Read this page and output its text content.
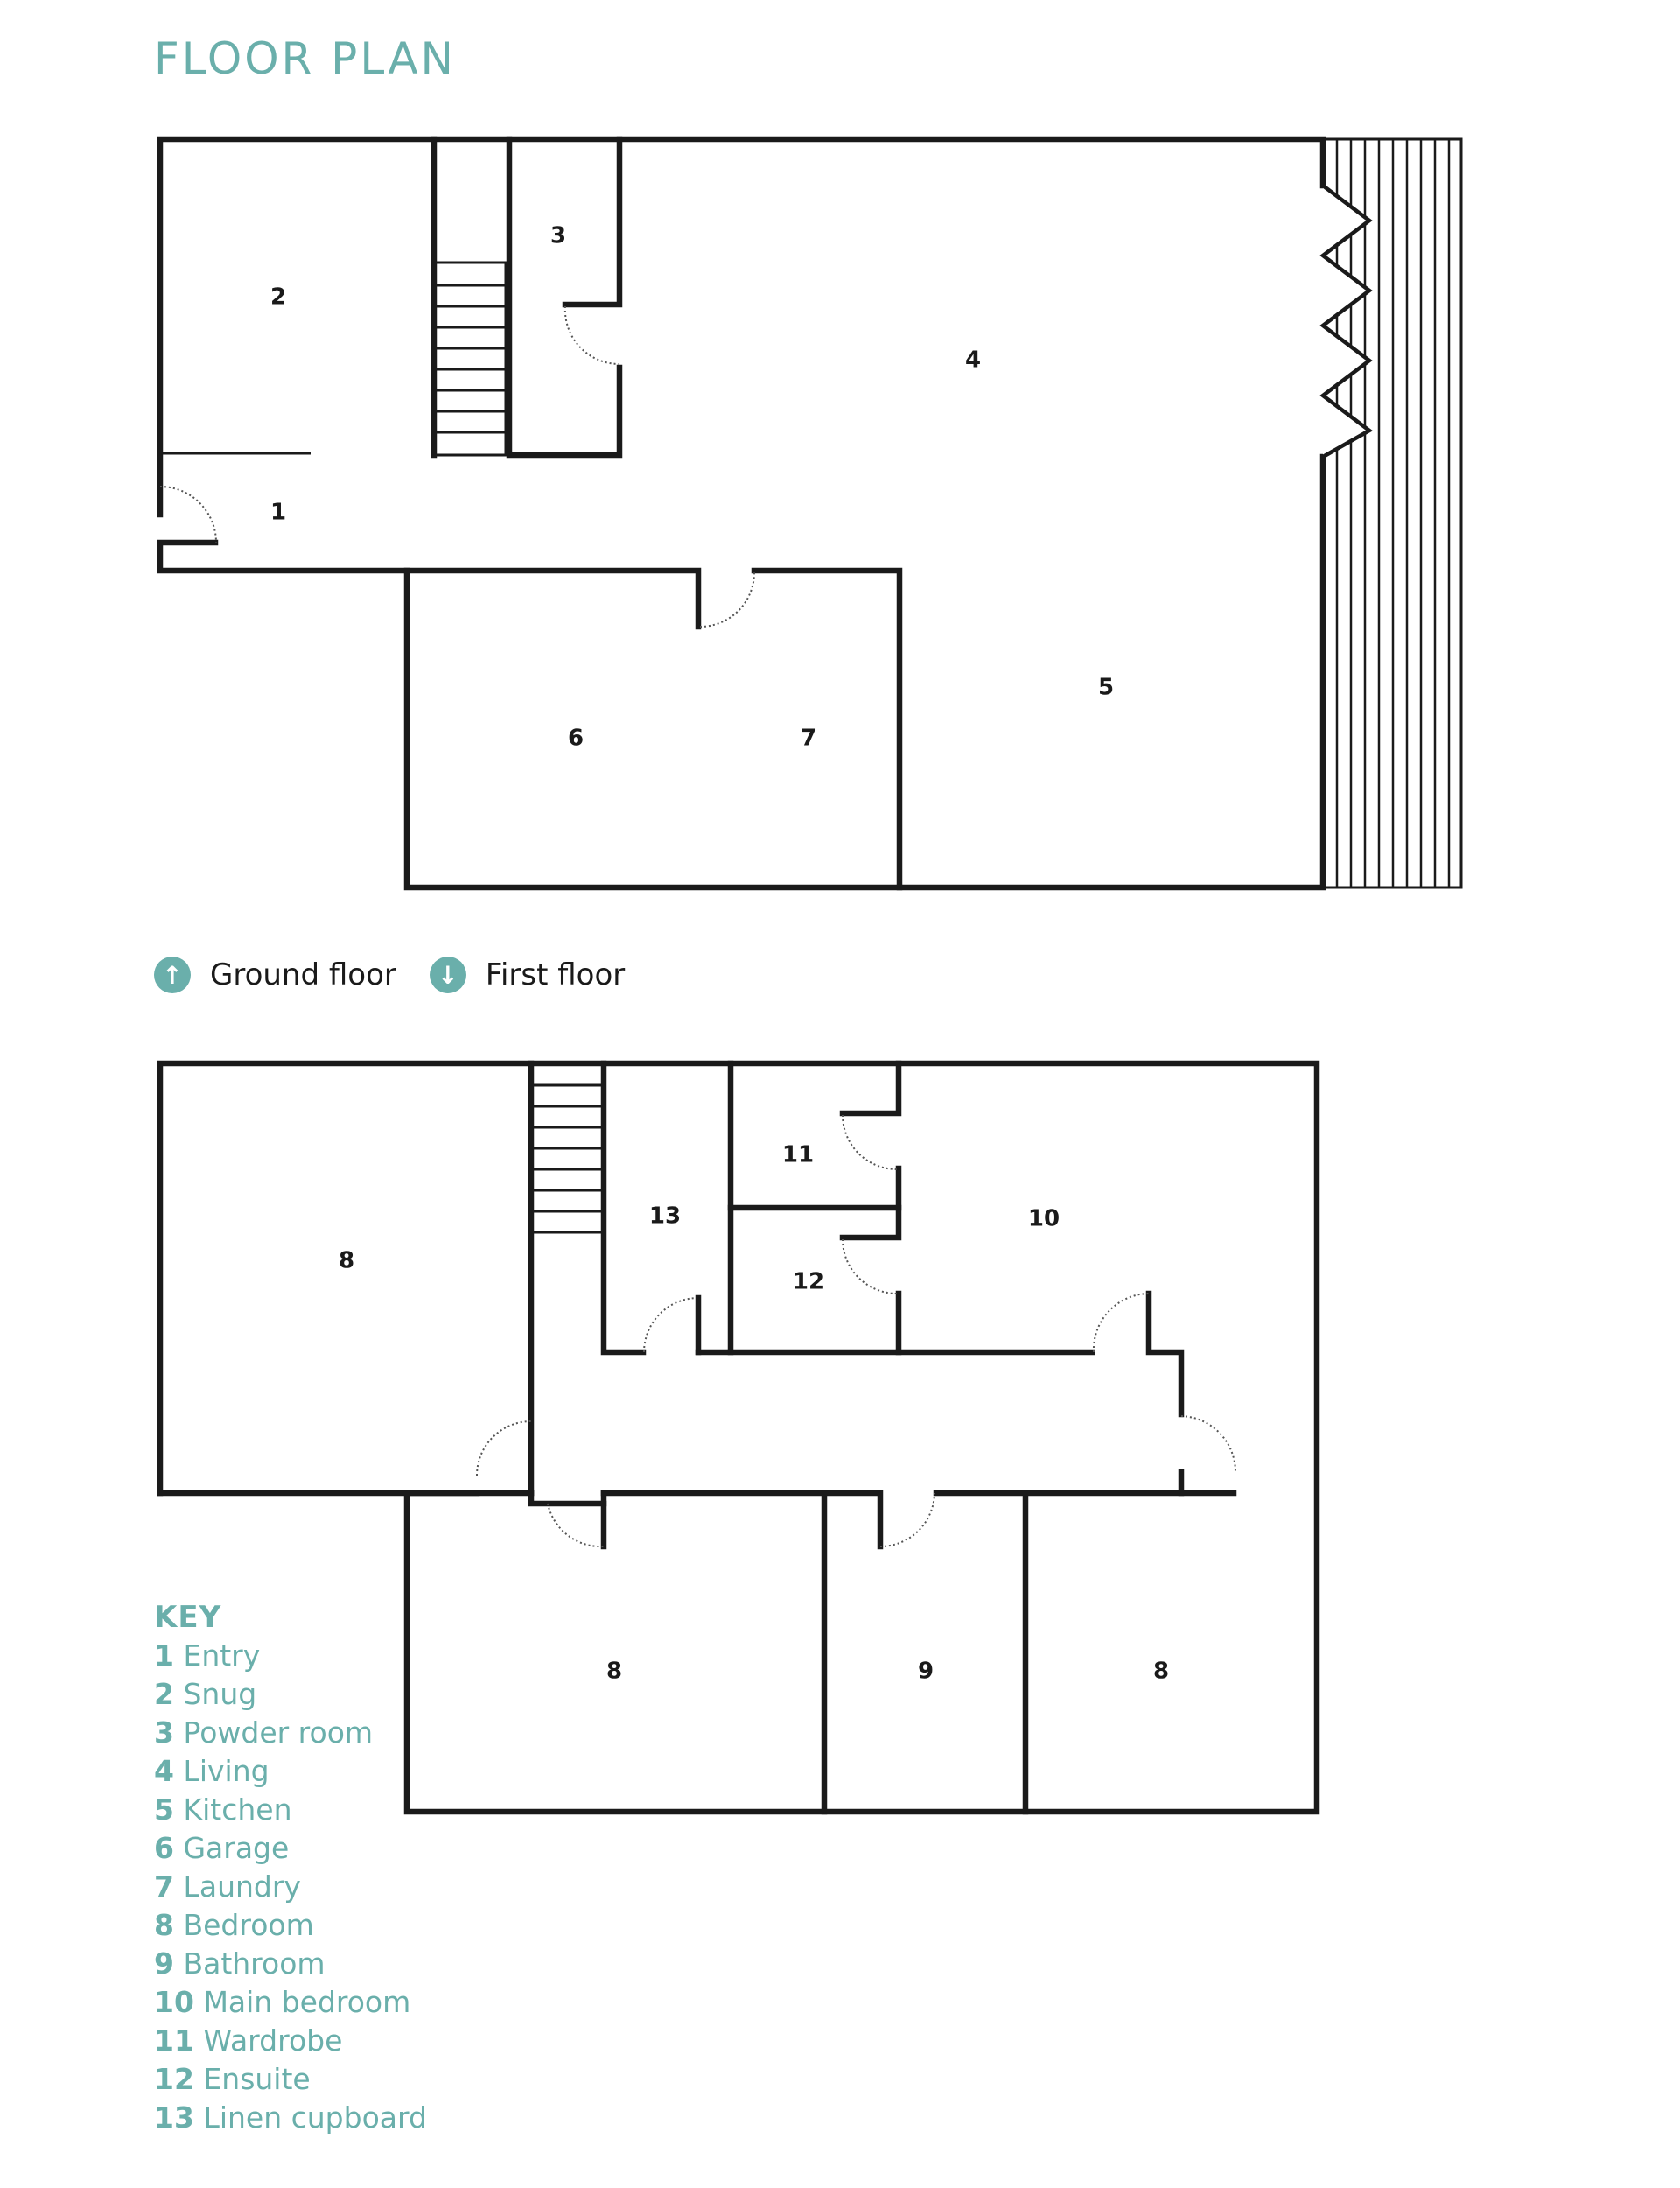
FLOOR PLAN
2
3
4
1
5
6	7
8
13
11
12
10
8	9	8
↑ Ground floor	↓ First floor
KEY
1 Entry
2 Snug
3 Powder room
4 Living
5 Kitchen
6 Garage
7 Laundry
8 Bedroom
9 Bathroom
10 Main bedroom
11 Wardrobe
12 Ensuite
13 Linen cupboard
